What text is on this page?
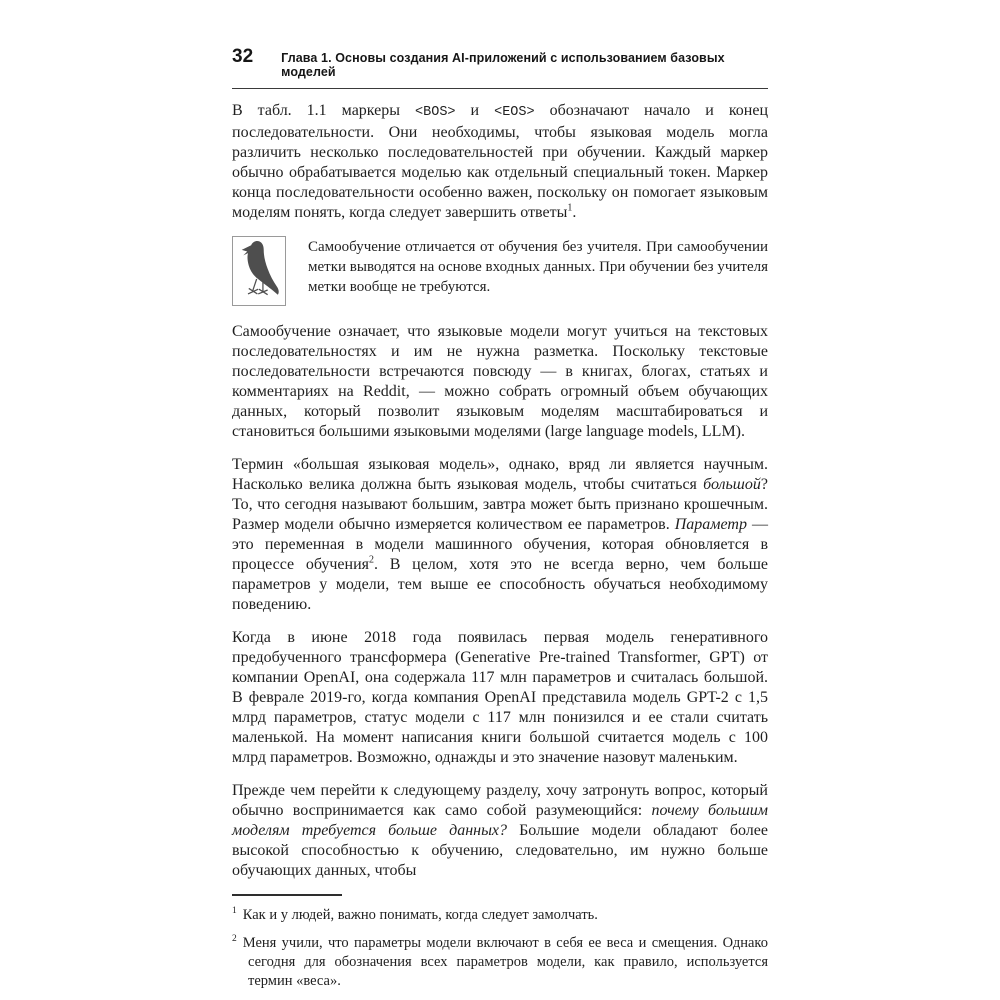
32 Глава 1. Основы создания AI-приложений с использованием базовых моделей

В табл. 1.1 маркеры <BOS> и <EOS> обозначают начало и конец последовательности. Они необходимы, чтобы языковая модель могла различить несколько последовательностей при обучении. Каждый маркер обычно обрабатывается моделью как отдельный специальный токен. Маркер конца последовательности особенно важен, поскольку он помогает языковым моделям понять, когда следует завершить ответы$^1$.

Самообучение отличается от обучения без учителя. При самообучении метки выводятся на основе входных данных. При обучении без учителя метки вообще не требуются.

Самообучение означает, что языковые модели могут учиться на текстовых последовательностях и им не нужна разметка. Поскольку текстовые последовательности встречаются повсюду — в книгах, блогах, статьях и комментариях на Reddit, — можно собрать огромный объем обучающих данных, который позволит языковым моделям масштабироваться и становиться большими языковыми моделями (large language models, LLM).

Термин «большая языковая модель», однако, вряд ли является научным. Насколько велика должна быть языковая модель, чтобы считаться большой? То, что сегодня называют большим, завтра может быть признано крошечным. Размер модели обычно измеряется количеством ее параметров. Параметр — это переменная в модели машинного обучения, которая обновляется в процессе обучения$^2$. В целом, хотя это не всегда верно, чем больше параметров у модели, тем выше ее способность обучаться необходимому поведению.

Когда в июне 2018 года появилась первая модель генеративного предобученного трансформера (Generative Pre-trained Transformer, GPT) от компании OpenAI, она содержала 117 млн параметров и считалась большой. В феврале 2019-го, когда компания OpenAI представила модель GPT-2 с 1,5 млрд параметров, статус модели с 117 млн понизился и ее стали считать маленькой. На момент написания книги большой считается модель с 100 млрд параметров. Возможно, однажды и это значение назовут маленьким.

Прежде чем перейти к следующему разделу, хочу затронуть вопрос, который обычно воспринимается как само собой разумеющийся: почему большим моделям требуется больше данных? Большие модели обладают более высокой способностью к обучению, следовательно, им нужно больше обучающих данных, чтобы

$^1$ Как и у людей, важно понимать, когда следует замолчать.
$^2$ Меня учили, что параметры модели включают в себя ее веса и смещения. Однако сегодня для обозначения всех параметров модели, как правило, используется термин «веса».
